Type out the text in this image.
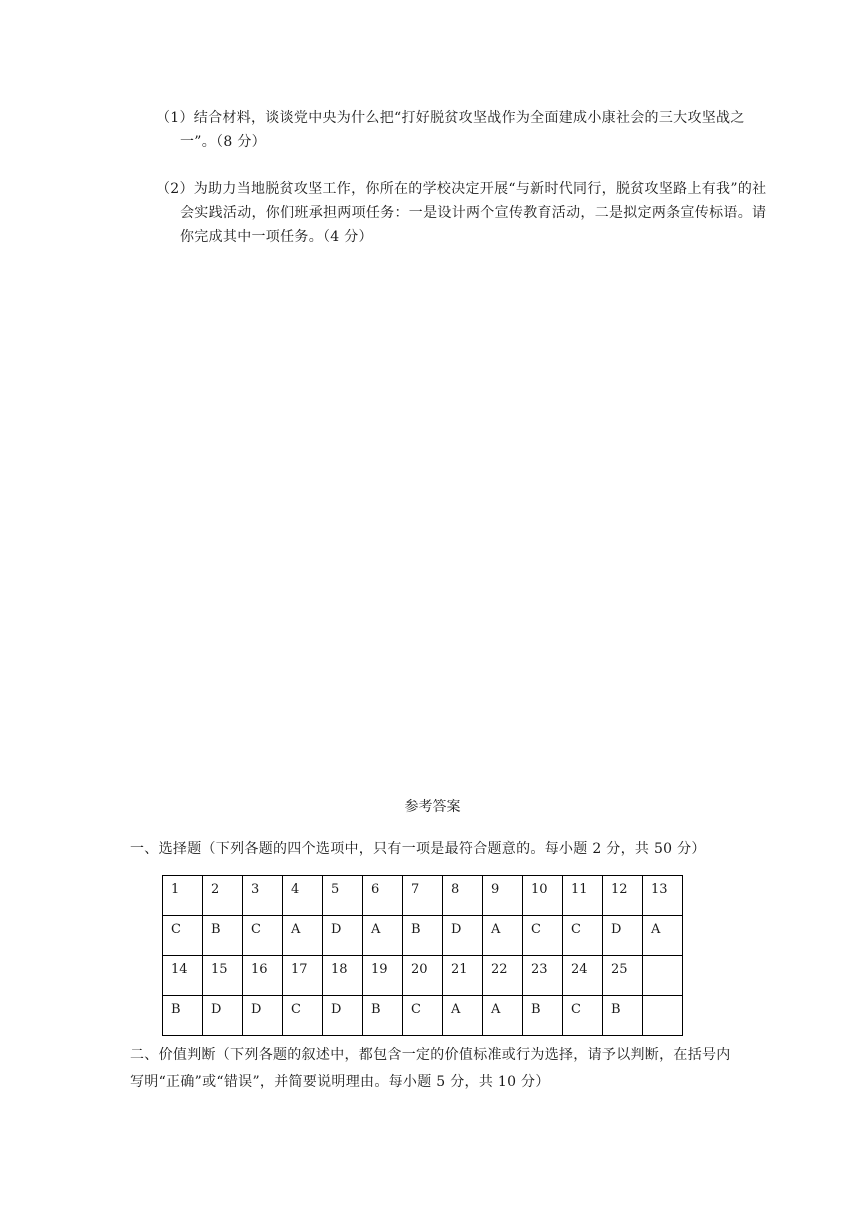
（1）结合材料，谈谈党中央为什么把“打好脱贫攻坚战作为全面建成小康社会的三大攻坚战之一”。（8 分）
（2）为助力当地脱贫攻坚工作，你所在的学校决定开展“与新时代同行，脱贫攻坚路上有我”的社会实践活动，你们班承担两项任务：一是设计两个宣传教育活动，二是拟定两条宣传标语。请你完成其中一项任务。（4 分）
参考答案
一、选择题（下列各题的四个选项中，只有一项是最符合题意的。每小题 2 分，共 50 分）
1	2	3	4	5	6	7	8	9	10	11	12	13
C	B	C	A	D	A	B	D	A	C	C	D	A
14	15	16	17	18	19	20	21	22	23	24	25	
B	D	D	C	D	B	C	A	A	B	C	B	
二、价值判断（下列各题的叙述中，都包含一定的价值标准或行为选择，请予以判断，在括号内写明“正确”或“错误”，并简要说明理由。每小题 5 分，共 10 分）
